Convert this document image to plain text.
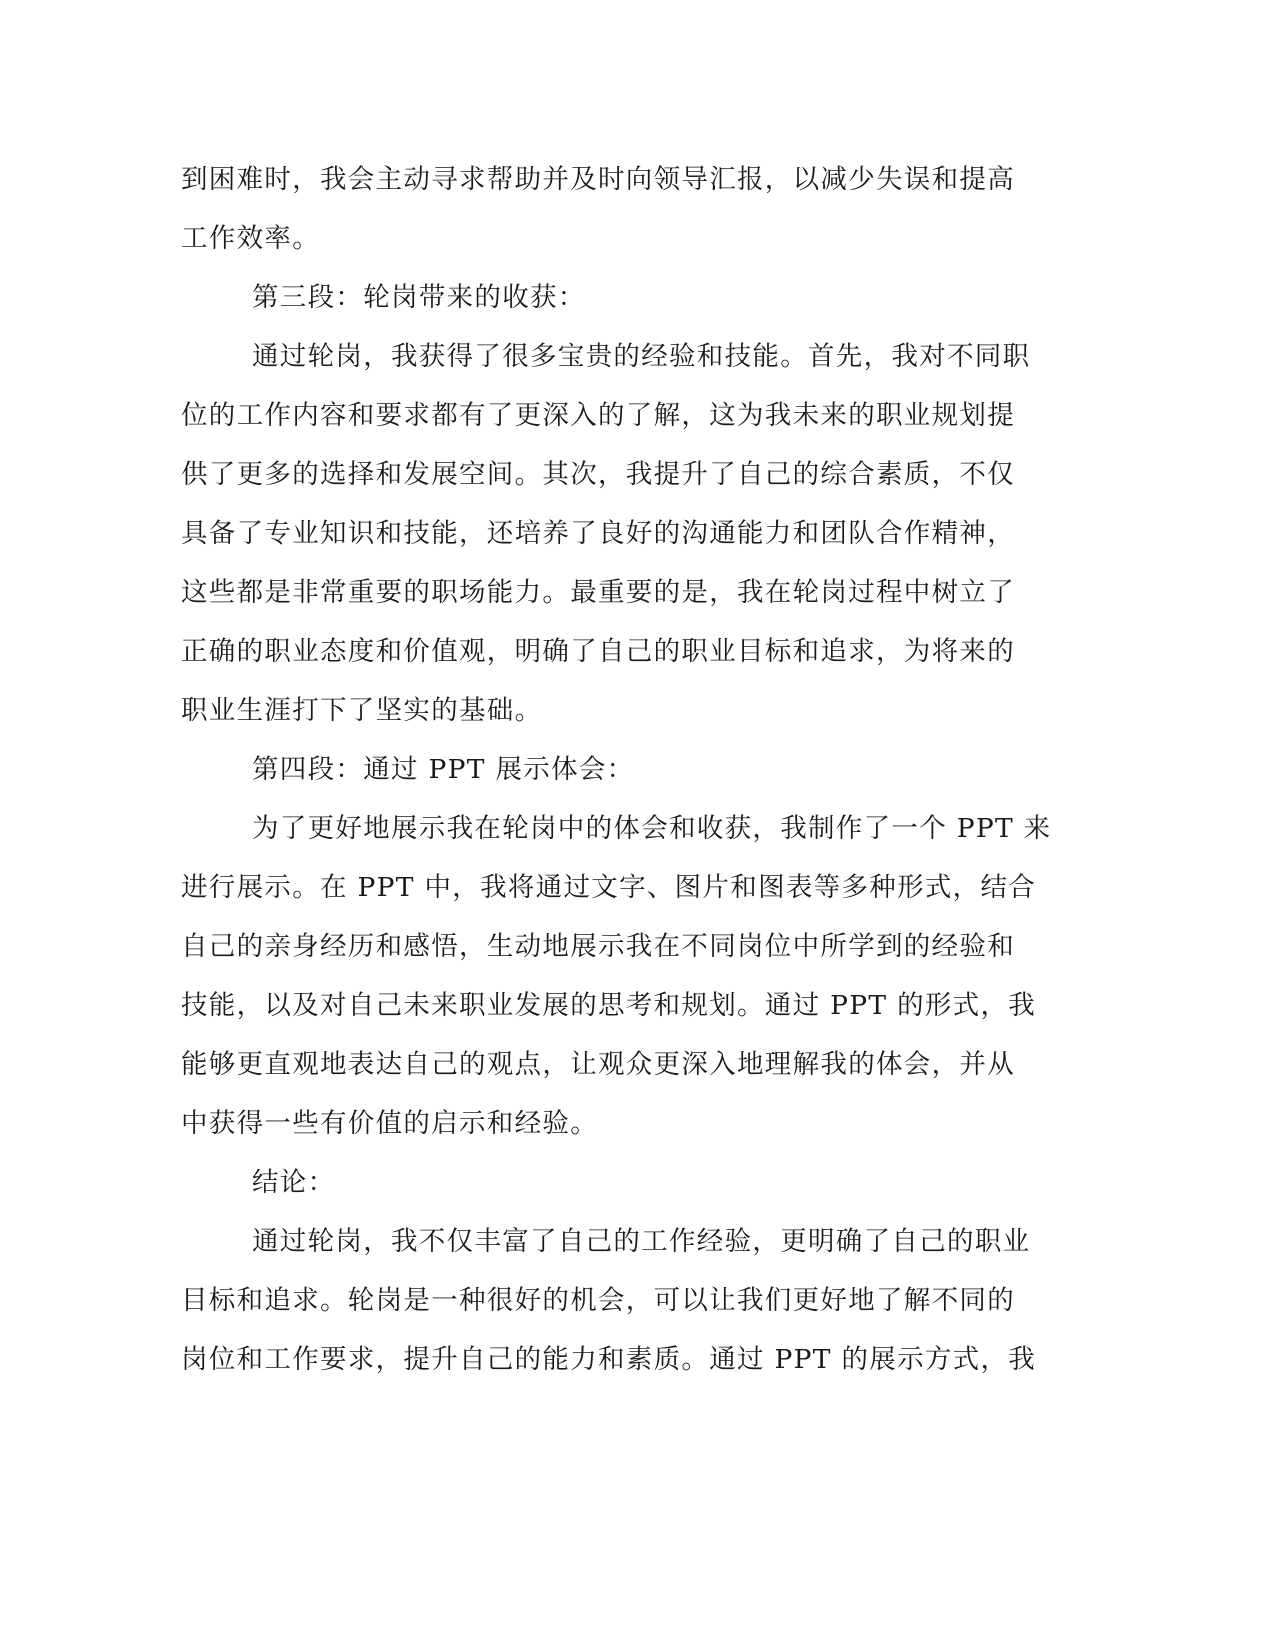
到困难时，我会主动寻求帮助并及时向领导汇报，以减少失误和提高
工作效率。
第三段：轮岗带来的收获：
通过轮岗，我获得了很多宝贵的经验和技能。首先，我对不同职
位的工作内容和要求都有了更深入的了解，这为我未来的职业规划提
供了更多的选择和发展空间。其次，我提升了自己的综合素质，不仅
具备了专业知识和技能，还培养了良好的沟通能力和团队合作精神，
这些都是非常重要的职场能力。最重要的是，我在轮岗过程中树立了
正确的职业态度和价值观，明确了自己的职业目标和追求，为将来的
职业生涯打下了坚实的基础。
第四段：通过 PPT 展示体会：
为了更好地展示我在轮岗中的体会和收获，我制作了一个 PPT 来
进行展示。在 PPT 中，我将通过文字、图片和图表等多种形式，结合
自己的亲身经历和感悟，生动地展示我在不同岗位中所学到的经验和
技能，以及对自己未来职业发展的思考和规划。通过 PPT 的形式，我
能够更直观地表达自己的观点，让观众更深入地理解我的体会，并从
中获得一些有价值的启示和经验。
结论：
通过轮岗，我不仅丰富了自己的工作经验，更明确了自己的职业
目标和追求。轮岗是一种很好的机会，可以让我们更好地了解不同的
岗位和工作要求，提升自己的能力和素质。通过 PPT 的展示方式，我
